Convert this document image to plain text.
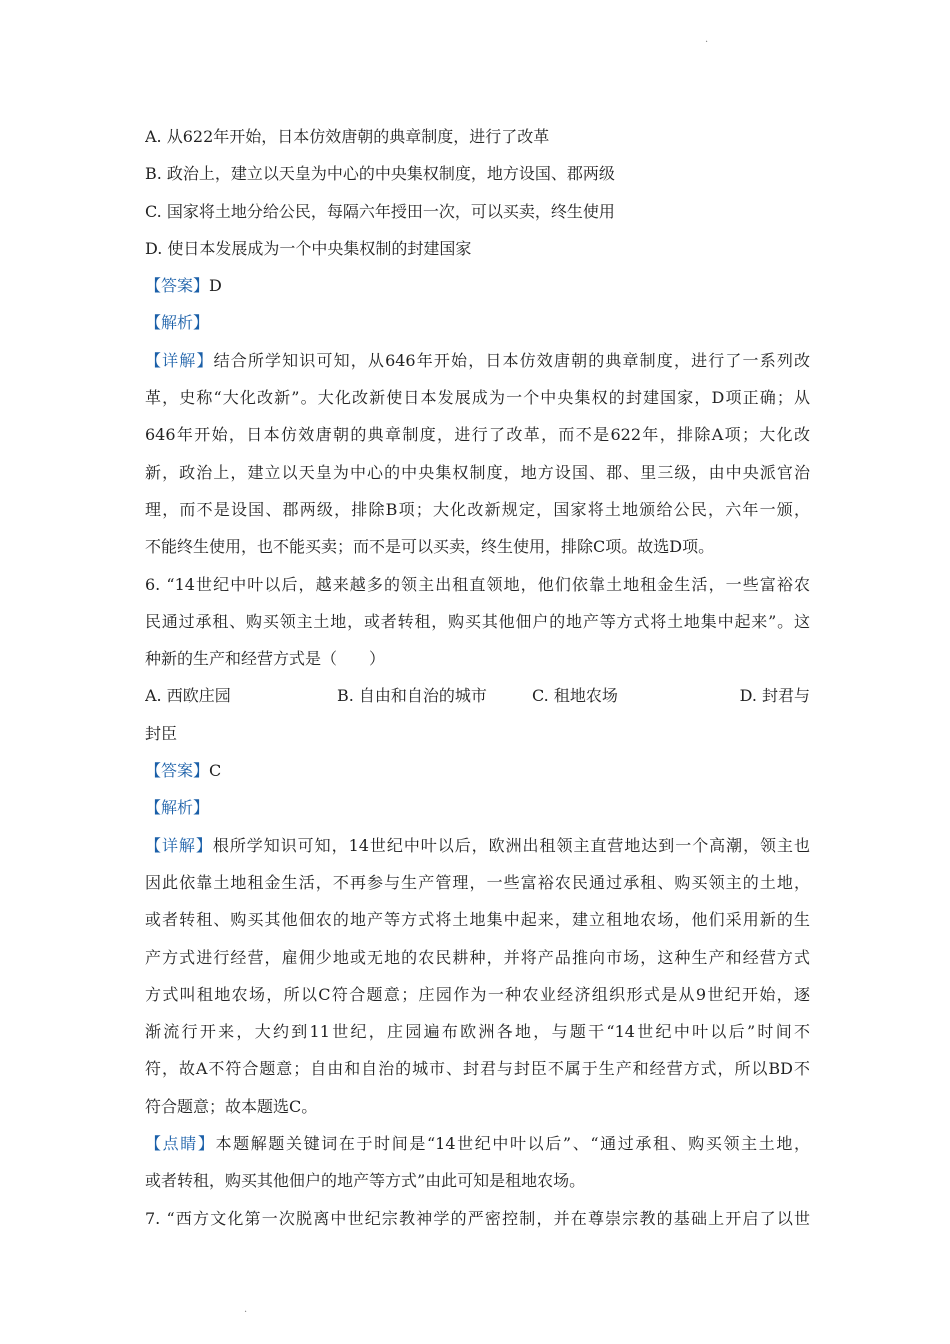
·
A. 从622年开始，日本仿效唐朝的典章制度，进行了改革
B. 政治上，建立以天皇为中心的中央集权制度，地方设国、郡两级
C. 国家将土地分给公民，每隔六年授田一次，可以买卖，终生使用
D. 使日本发展成为一个中央集权制的封建国家
【答案】D
【解析】
【详解】结合所学知识可知，从646年开始，日本仿效唐朝的典章制度，进行了一系列改
革，史称“大化改新”。大化改新使日本发展成为一个中央集权的封建国家，D项正确；从
646年开始，日本仿效唐朝的典章制度，进行了改革，而不是622年，排除A项；大化改
新，政治上，建立以天皇为中心的中央集权制度，地方设国、郡、里三级，由中央派官治
理，而不是设国、郡两级，排除B项；大化改新规定，国家将土地颁给公民，六年一颁，
不能终生使用，也不能买卖；而不是可以买卖，终生使用，排除C项。故选D项。
6. “14世纪中叶以后，越来越多的领主出租直领地，他们依靠土地租金生活，一些富裕农
民通过承租、购买领主土地，或者转租，购买其他佃户的地产等方式将土地集中起来”。这
种新的生产和经营方式是（　　）
A. 西欧庄园	B. 自由和自治的城市	C. 租地农场	D. 封君与
封臣
【答案】C
【解析】
【详解】根所学知识可知，14世纪中叶以后，欧洲出租领主直营地达到一个高潮，领主也
因此依靠土地租金生活，不再参与生产管理，一些富裕农民通过承租、购买领主的土地，
或者转租、购买其他佃农的地产等方式将土地集中起来，建立租地农场，他们采用新的生
产方式进行经营，雇佣少地或无地的农民耕种，并将产品推向市场，这种生产和经营方式
方式叫租地农场，所以C符合题意；庄园作为一种农业经济组织形式是从9世纪开始，逐
渐流行开来，大约到11世纪，庄园遍布欧洲各地，与题干“14世纪中叶以后”时间不
符，故A不符合题意；自由和自治的城市、封君与封臣不属于生产和经营方式，所以BD不
符合题意；故本题选C。
【点睛】本题解题关键词在于时间是“14世纪中叶以后”、“通过承租、购买领主土地，
或者转租，购买其他佃户的地产等方式”由此可知是租地农场。
7. “西方文化第一次脱离中世纪宗教神学的严密控制，并在尊崇宗教的基础上开启了以世
·
